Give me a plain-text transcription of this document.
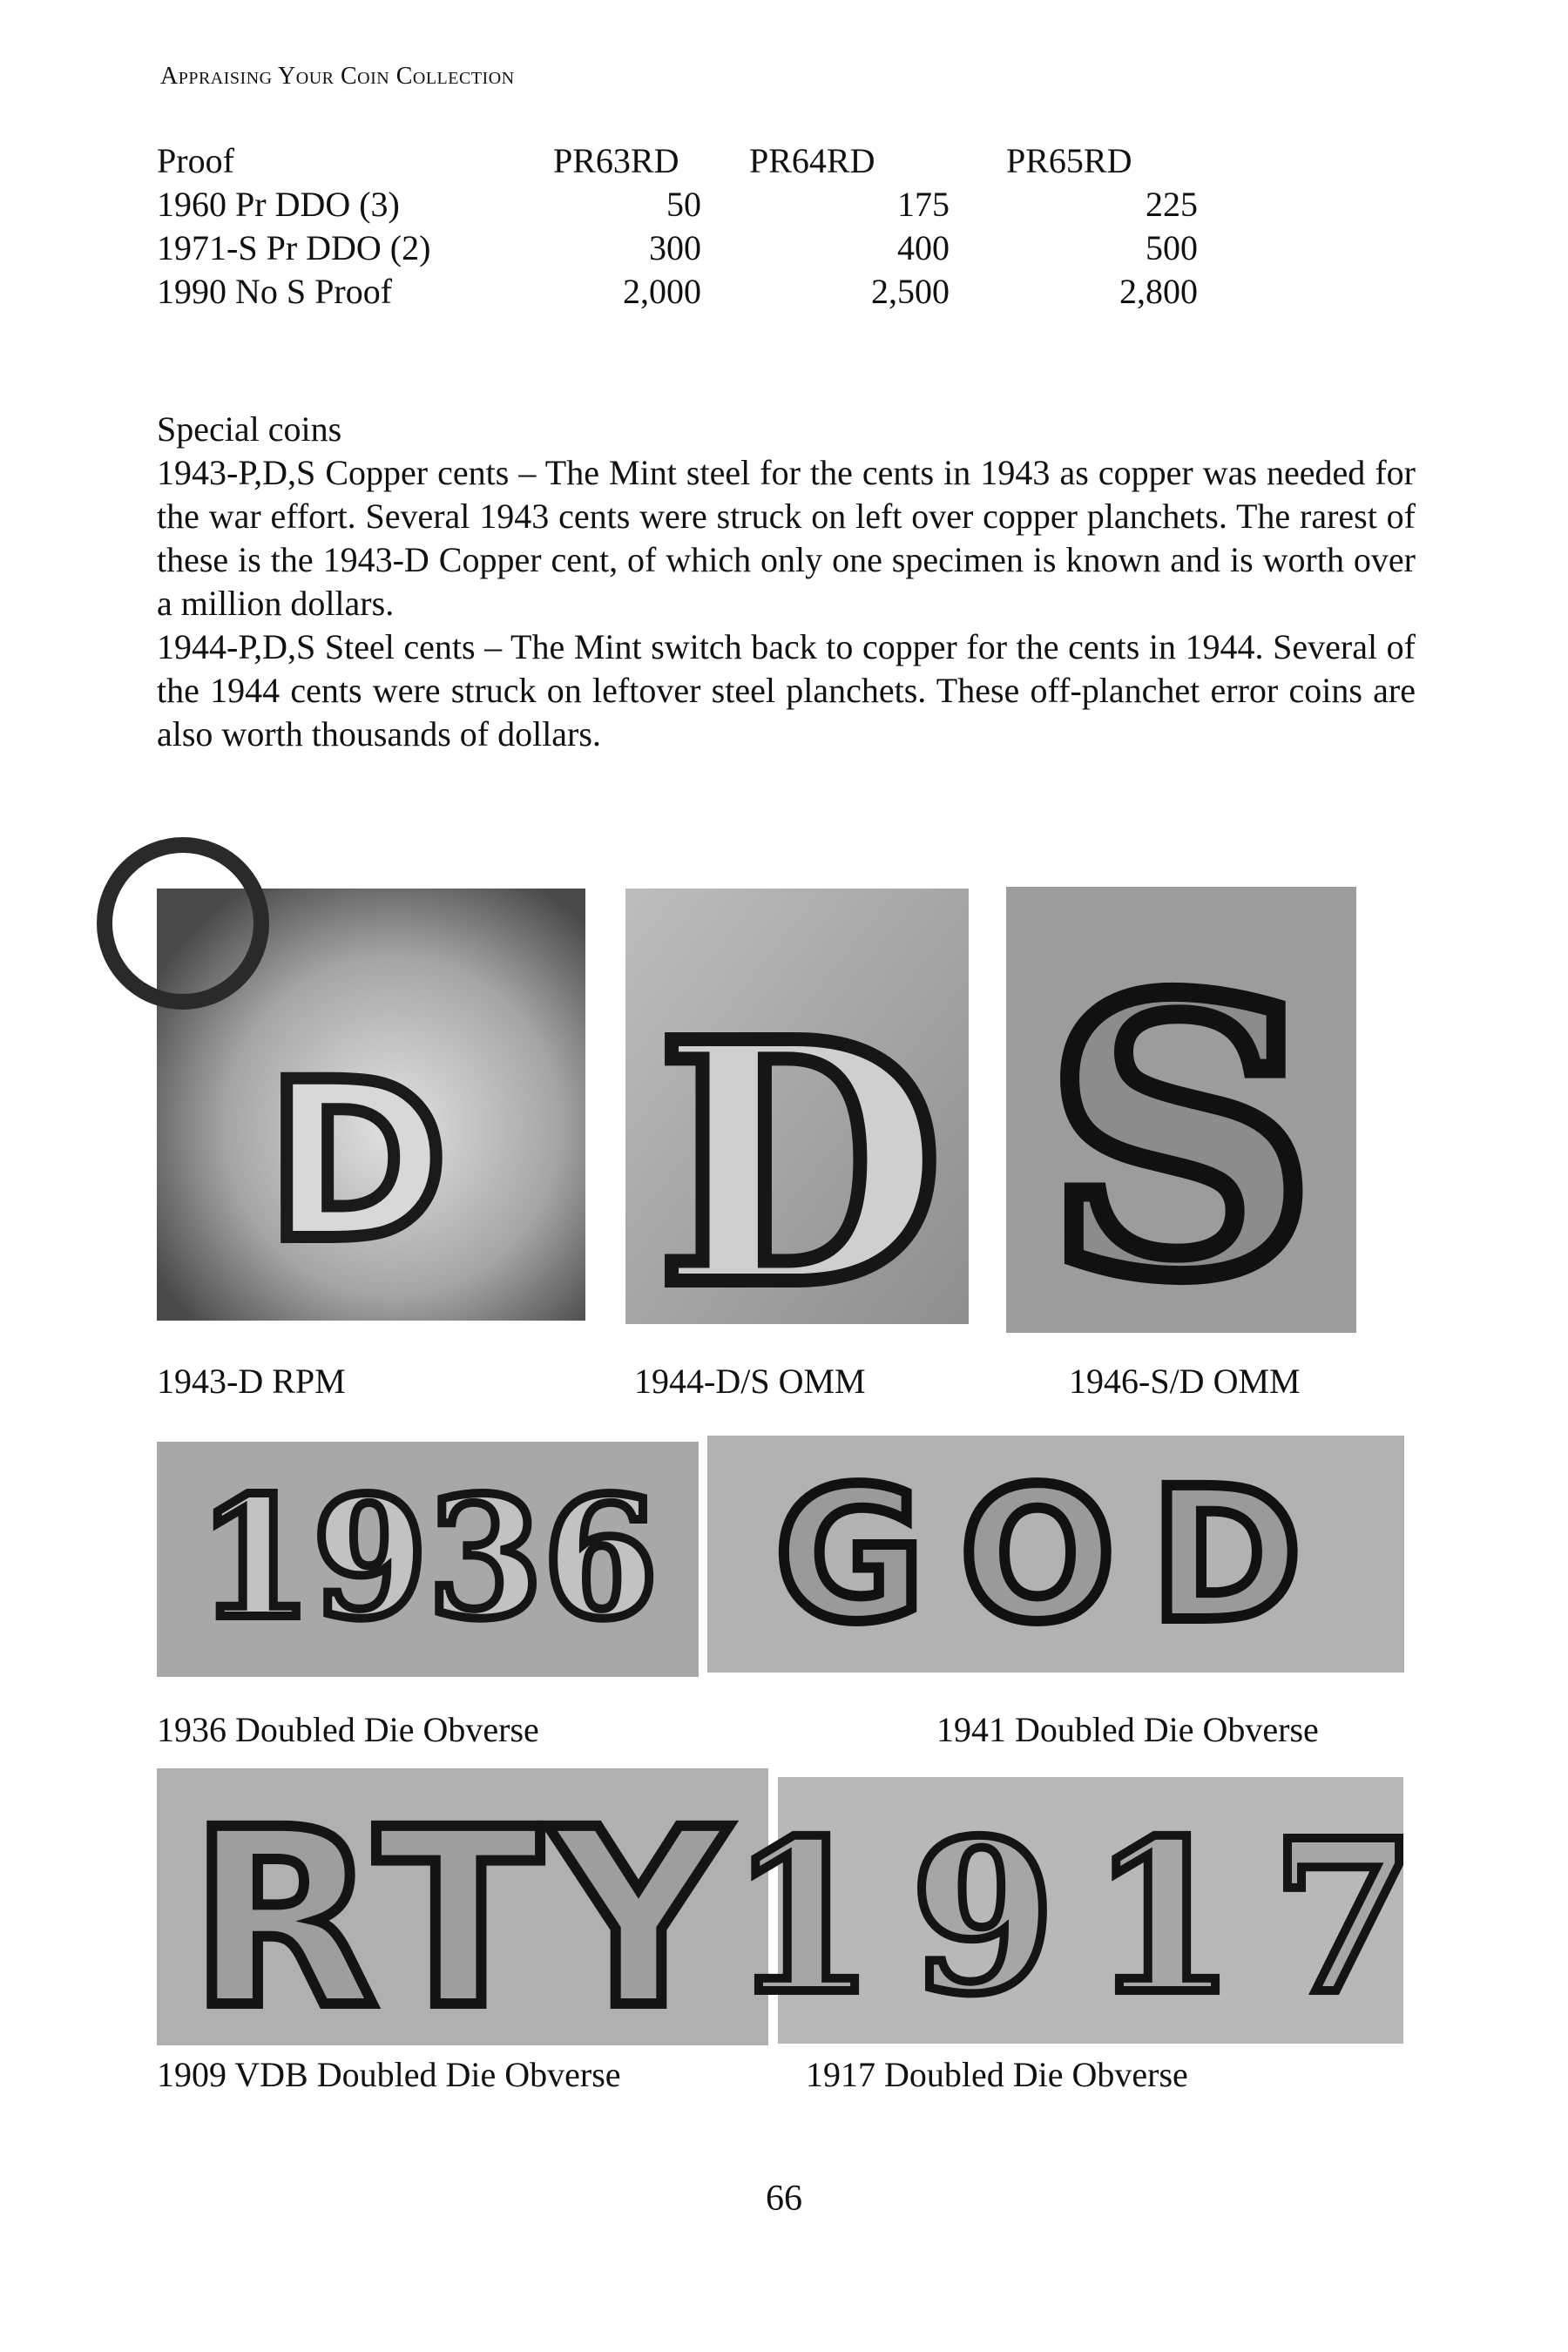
Appraising Your Coin Collection
Proof	PR63RD	PR64RD	PR65RD
1960 Pr DDO (3)	50	175	225
1971-S Pr DDO (2)	300	400	500
1990 No S Proof	2,000	2,500	2,800

Special coins

1943-P,D,S Copper cents – The Mint steel for the cents in 1943 as copper was needed for the war effort. Several 1943 cents were struck on left over copper planchets. The rarest of these is the 1943-D Copper cent, of which only one specimen is known and is worth over a million dollars.

1944-P,D,S Steel cents – The Mint switch back to copper for the cents in 1944. Several of the 1944 cents were struck on leftover steel planchets. These off-planchet error coins are also worth thousands of dollars.

D D S
1943-D RPM	1944-D/S OMM	1946-S/D OMM
1936 GOD
1936 Doubled Die Obverse	1941 Doubled Die Obverse
RTY
1917
1909 VDB Doubled Die Obverse	1917 Doubled Die Obverse
66
